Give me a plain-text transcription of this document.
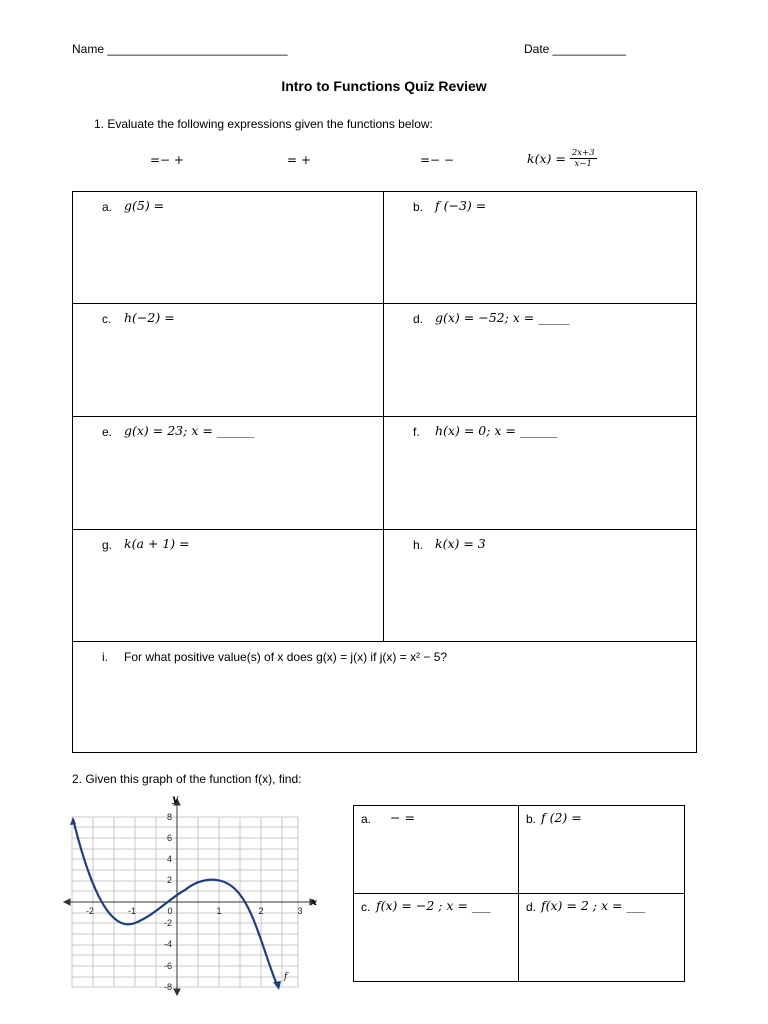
Name ___________________________	Date ___________
Intro to Functions Quiz Review
1. Evaluate the following expressions given the functions below:
=− +	= +	=− −	$k(x) = \frac{2x+3}{x-1}$
a. g(5) =	b. f (−3) =
c. h(−2) =	d. g(x) = −52; x = _____
e. g(x) = 23; x = ______	f. h(x) = 0; x = ______
g. k(a + 1) =	h. k(x) = 3
i. For what positive value(s) of x does g(x) = j(x) if j(x) = x² − 5?
2. Given this graph of the function f(x), find:
-2	-1	0	1	2	3
8
6
4
2
-2
-4
-6
-8
x
y
f
a. − =	b. f (2) =
c. f(x) = −2 ; x = ___	d. f(x) = 2 ; x = ___
